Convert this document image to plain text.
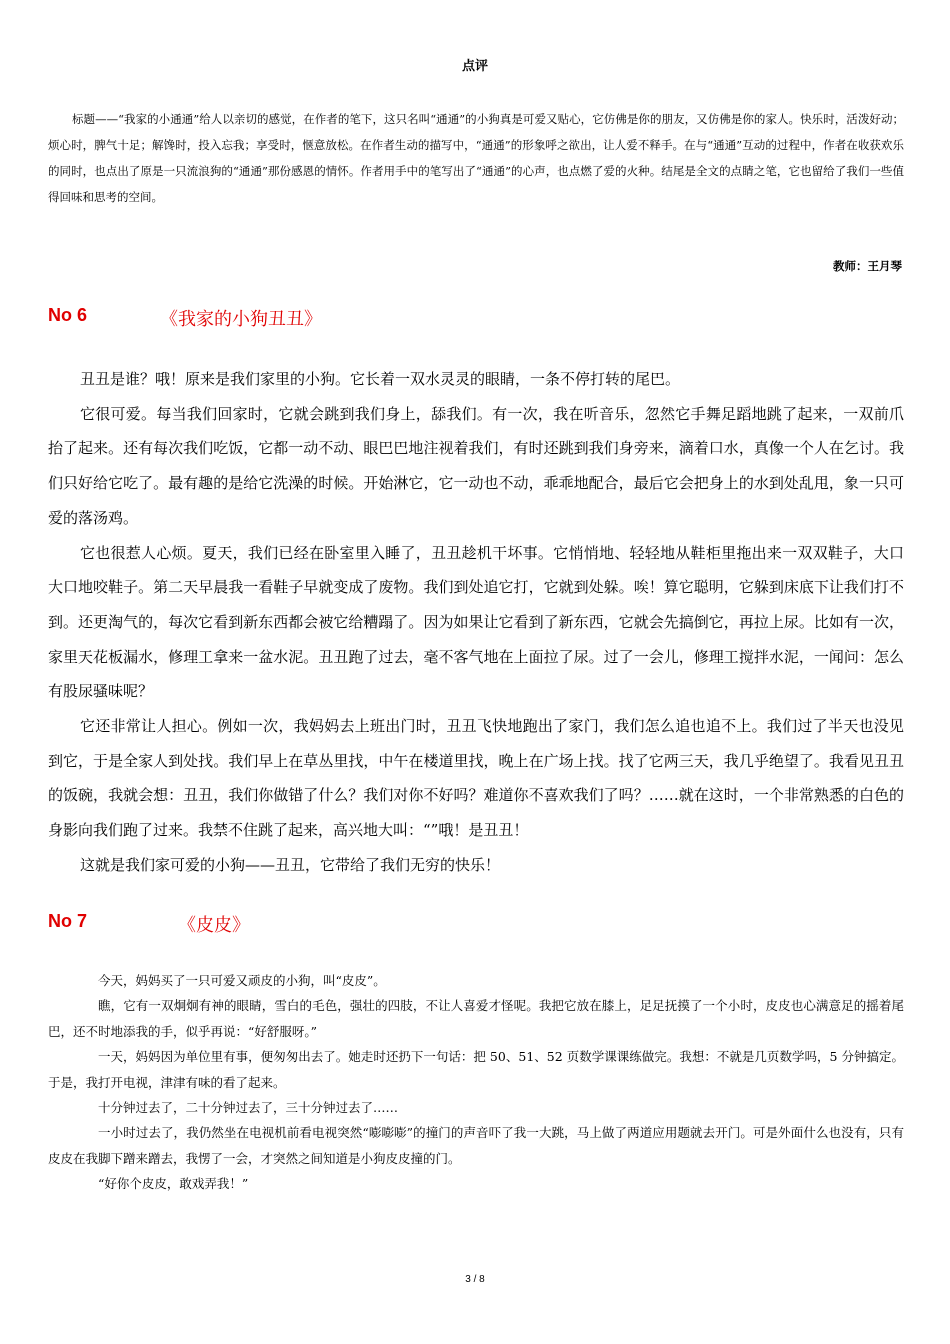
点评
标题——“我家的小通通”给人以亲切的感觉，在作者的笔下，这只名叫“通通”的小狗真是可爱又贴心，它仿佛是你的朋友，又仿佛是你的家人。快乐时，活泼好动；烦心时，脾气十足；解馋时，投入忘我；享受时，惬意放松。在作者生动的描写中，“通通”的形象呼之欲出，让人爱不释手。在与“通通”互动的过程中，作者在收获欢乐的同时，也点出了原是一只流浪狗的“通通”那份感恩的情怀。作者用手中的笔写出了“通通”的心声，也点燃了爱的火种。结尾是全文的点睛之笔，它也留给了我们一些值得回味和思考的空间。
教师：王月琴
No 6	《我家的小狗丑丑》

丑丑是谁？哦！原来是我们家里的小狗。它长着一双水灵灵的眼睛，一条不停打转的尾巴。

它很可爱。每当我们回家时，它就会跳到我们身上，舔我们。有一次，我在听音乐，忽然它手舞足蹈地跳了起来，一双前爪抬了起来。还有每次我们吃饭，它都一动不动、眼巴巴地注视着我们，有时还跳到我们身旁来，滴着口水，真像一个人在乞讨。我们只好给它吃了。最有趣的是给它洗澡的时候。开始淋它，它一动也不动，乖乖地配合，最后它会把身上的水到处乱甩，象一只可爱的落汤鸡。

它也很惹人心烦。夏天，我们已经在卧室里入睡了，丑丑趁机干坏事。它悄悄地、轻轻地从鞋柜里拖出来一双双鞋子，大口大口地咬鞋子。第二天早晨我一看鞋子早就变成了废物。我们到处追它打，它就到处躲。唉！算它聪明，它躲到床底下让我们打不到。还更淘气的，每次它看到新东西都会被它给糟蹋了。因为如果让它看到了新东西，它就会先搞倒它，再拉上尿。比如有一次，家里天花板漏水，修理工拿来一盆水泥。丑丑跑了过去，毫不客气地在上面拉了尿。过了一会儿，修理工搅拌水泥，一闻问：怎么有股尿骚味呢？

它还非常让人担心。例如一次，我妈妈去上班出门时，丑丑飞快地跑出了家门，我们怎么追也追不上。我们过了半天也没见到它，于是全家人到处找。我们早上在草丛里找，中午在楼道里找，晚上在广场上找。找了它两三天，我几乎绝望了。我看见丑丑的饭碗，我就会想：丑丑，我们你做错了什么？我们对你不好吗？难道你不喜欢我们了吗？……就在这时，一个非常熟悉的白色的身影向我们跑了过来。我禁不住跳了起来，高兴地大叫：“”哦！是丑丑！

这就是我们家可爱的小狗——丑丑，它带给了我们无穷的快乐！

No 7	《皮皮》

今天，妈妈买了一只可爱又顽皮的小狗，叫“皮皮”。

瞧，它有一双炯炯有神的眼睛，雪白的毛色，强壮的四肢，不让人喜爱才怪呢。我把它放在膝上，足足抚摸了一个小时，皮皮也心满意足的摇着尾巴，还不时地添我的手，似乎再说：“好舒服呀。”

一天，妈妈因为单位里有事，便匆匆出去了。她走时还扔下一句话：把 50、51、52 页数学课课练做完。我想：不就是几页数学吗，5 分钟搞定。于是，我打开电视，津津有味的看了起来。

十分钟过去了，二十分钟过去了，三十分钟过去了……

一小时过去了，我仍然坐在电视机前看电视突然“嘭嘭嘭”的撞门的声音吓了我一大跳，马上做了两道应用题就去开门。可是外面什么也没有，只有皮皮在我脚下蹭来蹭去，我愣了一会，才突然之间知道是小狗皮皮撞的门。

“好你个皮皮，敢戏弄我！”

3 / 8
